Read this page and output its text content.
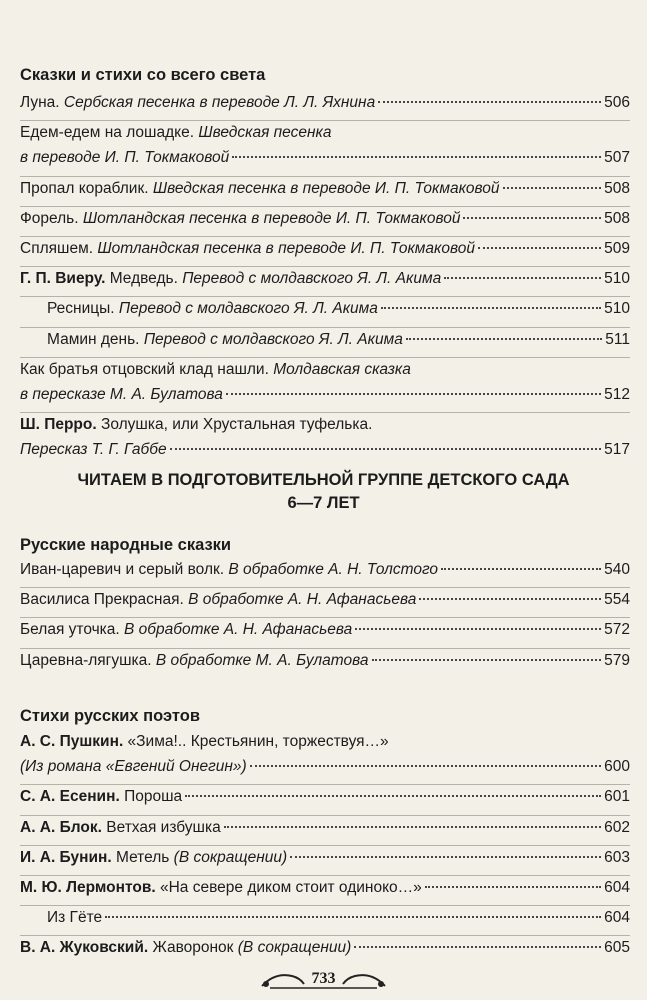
Сказки и стихи со всего света
Луна. Сербская песенка в переводе Л. Л. Яхнина	506
Едем-едем на лошадке. Шведская песенка
в переводе И. П. Токмаковой	507
Пропал кораблик. Шведская песенка в переводе И. П. Токмаковой	508
Форель. Шотландская песенка в переводе И. П. Токмаковой	508
Спляшем. Шотландская песенка в переводе И. П. Токмаковой	509
Г. П. Виеру. Медведь. Перевод с молдавского Я. Л. Акима	510
Ресницы. Перевод с молдавского Я. Л. Акима	510
Мамин день. Перевод с молдавского Я. Л. Акима	511
Как братья отцовский клад нашли. Молдавская сказка
в пересказе М. А. Булатова	512
Ш. Перро. Золушка, или Хрустальная туфелька.
Пересказ Т. Г. Габбе	517
ЧИТАЕМ В ПОДГОТОВИТЕЛЬНОЙ ГРУППЕ ДЕТСКОГО САДА
6—7 ЛЕТ
Русские народные сказки
Иван-царевич и серый волк. В обработке А. Н. Толстого	540
Василиса Прекрасная. В обработке А. Н. Афанасьева	554
Белая уточка. В обработке А. Н. Афанасьева	572
Царевна-лягушка. В обработке М. А. Булатова	579
Стихи русских поэтов
А. С. Пушкин. «Зима!.. Крестьянин, торжествуя…»
(Из романа «Евгений Онегин»)	600
С. А. Есенин. Пороша	601
А. А. Блок. Ветхая избушка	602
И. А. Бунин. Метель (В сокращении)	603
М. Ю. Лермонтов. «На севере диком стоит одиноко…»	604
Из Гёте	604
В. А. Жуковский. Жаворонок (В сокращении)	605
733
